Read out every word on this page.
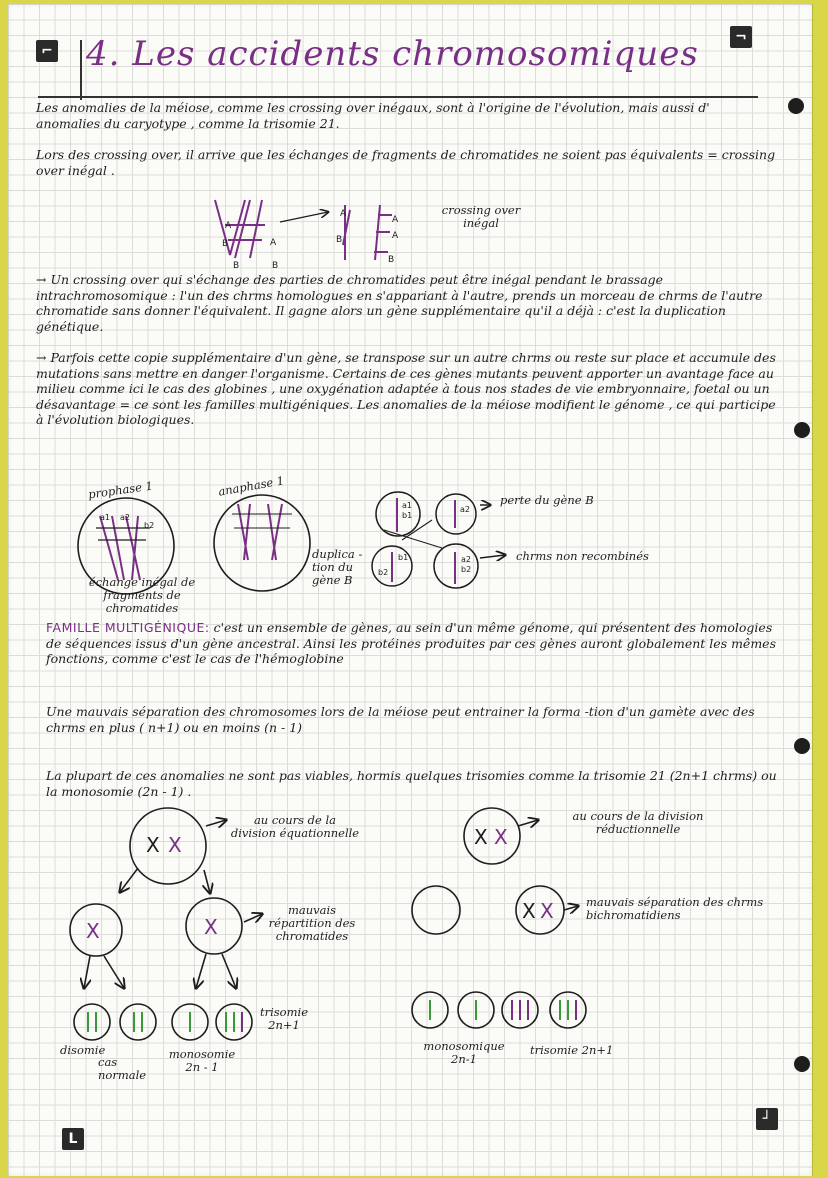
⌐
¬
L
┘
4. Les accidents chromosomiques

Les anomalies de la méiose, comme les crossing over inégaux, sont à l'origine de l'évolution, mais aussi d' anomalies du caryotype , comme la trisomie 21.

Lors des crossing over, il arrive que les échanges de fragments de chromatides ne soient pas équivalents = crossing over inégal .

crossing over inégal

→ Un crossing over qui s'échange des parties de chromatides peut être inégal pendant le brassage intrachromosomique : l'un des chrms homologues en s'appariant à l'autre, prends un morceau de chrms de l'autre chromatide sans donner l'équivalent. Il gagne alors un gène supplémentaire qu'il a déjà : c'est la duplication génétique.

→ Parfois cette copie supplémentaire d'un gène, se transpose sur un autre chrms ou reste sur place et accumule des mutations sans mettre en danger l'organisme. Certains de ces gènes mutants peuvent apporter un avantage face au milieu comme ici le cas des globines , une oxygénation adaptée à tous nos stades de vie embryonnaire, foetal ou un désavantage = ce sont les familles multigéniques. Les anomalies de la méiose modifient le génome , ce qui participe à l'évolution biologiques.

prophase 1	anaphase 1
échange inégal de fragments de chromatides
duplica -tion du gène B
perte du gène B
chrms non recombinés

FAMILLE MULTIGÉNIQUE: c'est un ensemble de gènes, au sein d'un même génome, qui présentent des homologies de séquences issus d'un gène ancestral. Ainsi les protéines produites par ces gènes auront globalement les mêmes fonctions, comme c'est le cas de l'hémoglobine

Une mauvais séparation des chromosomes lors de la méiose peut entrainer la forma -tion d'un gamète avec des chrms en plus ( n+1) ou en moins (n - 1)

La plupart de ces anomalies ne sont pas viables, hormis quelques trisomies comme la trisomie 21 (2n+1 chrms) ou la monosomie (2n - 1) .

au cours de la division équationnelle
mauvais répartition des chromatides
trisomie 2n+1
disomie
cas normale
monosomie 2n - 1
au cours de la division réductionnelle
mauvais séparation des chrms bichromatidiens
monosomique 2n-1
trisomie 2n+1
A
B	A
B	B
A
B
A
A
B
a1
b1
a2
b1
b2
a2
b2
a1 a2
b2
X X
X	X
X X
X X
